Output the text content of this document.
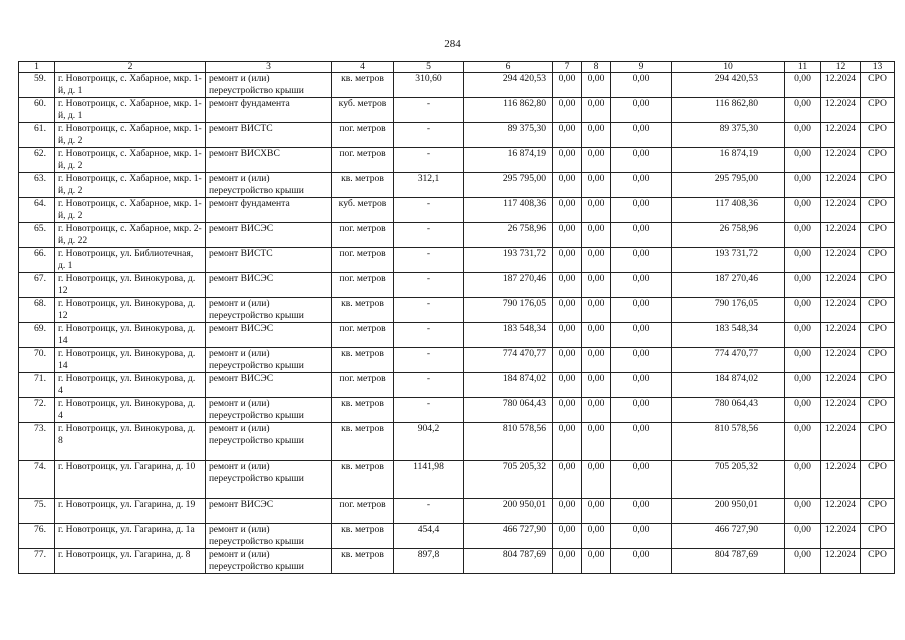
284
1	2	3	4	5	6	7	8	9	10	11	12	13
59.	г. Новотроицк, с. Хабарное, мкр. 1-й, д. 1	ремонт и (или) переустройство крыши	кв. метров	310,60	294 420,53	0,00	0,00	0,00	294 420,53	0,00	12.2024	СРО
60.	г. Новотроицк, с. Хабарное, мкр. 1-й, д. 1	ремонт фундамента	куб. метров	-	116 862,80	0,00	0,00	0,00	116 862,80	0,00	12.2024	СРО
61.	г. Новотроицк, с. Хабарное, мкр. 1-й, д. 2	ремонт ВИСТС	пог. метров	-	89 375,30	0,00	0,00	0,00	89 375,30	0,00	12.2024	СРО
62.	г. Новотроицк, с. Хабарное, мкр. 1-й, д. 2	ремонт ВИСХВС	пог. метров	-	16 874,19	0,00	0,00	0,00	16 874,19	0,00	12.2024	СРО
63.	г. Новотроицк, с. Хабарное, мкр. 1-й, д. 2	ремонт и (или) переустройство крыши	кв. метров	312,1	295 795,00	0,00	0,00	0,00	295 795,00	0,00	12.2024	СРО
64.	г. Новотроицк, с. Хабарное, мкр. 1-й, д. 2	ремонт фундамента	куб. метров	-	117 408,36	0,00	0,00	0,00	117 408,36	0,00	12.2024	СРО
65.	г. Новотроицк, с. Хабарное, мкр. 2-й, д. 22	ремонт ВИСЭС	пог. метров	-	26 758,96	0,00	0,00	0,00	26 758,96	0,00	12.2024	СРО
66.	г. Новотроицк, ул. Библиотечная, д. 1	ремонт ВИСТС	пог. метров	-	193 731,72	0,00	0,00	0,00	193 731,72	0,00	12.2024	СРО
67.	г. Новотроицк, ул. Винокурова, д. 12	ремонт ВИСЭС	пог. метров	-	187 270,46	0,00	0,00	0,00	187 270,46	0,00	12.2024	СРО
68.	г. Новотроицк, ул. Винокурова, д. 12	ремонт и (или) переустройство крыши	кв. метров	-	790 176,05	0,00	0,00	0,00	790 176,05	0,00	12.2024	СРО
69.	г. Новотроицк, ул. Винокурова, д. 14	ремонт ВИСЭС	пог. метров	-	183 548,34	0,00	0,00	0,00	183 548,34	0,00	12.2024	СРО
70.	г. Новотроицк, ул. Винокурова, д. 14	ремонт и (или) переустройство крыши	кв. метров	-	774 470,77	0,00	0,00	0,00	774 470,77	0,00	12.2024	СРО
71.	г. Новотроицк, ул. Винокурова, д. 4	ремонт ВИСЭС	пог. метров	-	184 874,02	0,00	0,00	0,00	184 874,02	0,00	12.2024	СРО
72.	г. Новотроицк, ул. Винокурова, д. 4	ремонт и (или) переустройство крыши	кв. метров	-	780 064,43	0,00	0,00	0,00	780 064,43	0,00	12.2024	СРО
73.	г. Новотроицк, ул. Винокурова, д. 8	ремонт и (или) переустройство крыши	кв. метров	904,2	810 578,56	0,00	0,00	0,00	810 578,56	0,00	12.2024	СРО
74.	г. Новотроицк, ул. Гагарина, д. 10	ремонт и (или) переустройство крыши	кв. метров	1141,98	705 205,32	0,00	0,00	0,00	705 205,32	0,00	12.2024	СРО
75.	г. Новотроицк, ул. Гагарина, д. 19	ремонт ВИСЭС	пог. метров	-	200 950,01	0,00	0,00	0,00	200 950,01	0,00	12.2024	СРО
76.	г. Новотроицк, ул. Гагарина, д. 1а	ремонт и (или) переустройство крыши	кв. метров	454,4	466 727,90	0,00	0,00	0,00	466 727,90	0,00	12.2024	СРО
77.	г. Новотроицк, ул. Гагарина, д. 8	ремонт и (или) переустройство крыши	кв. метров	897,8	804 787,69	0,00	0,00	0,00	804 787,69	0,00	12.2024	СРО
